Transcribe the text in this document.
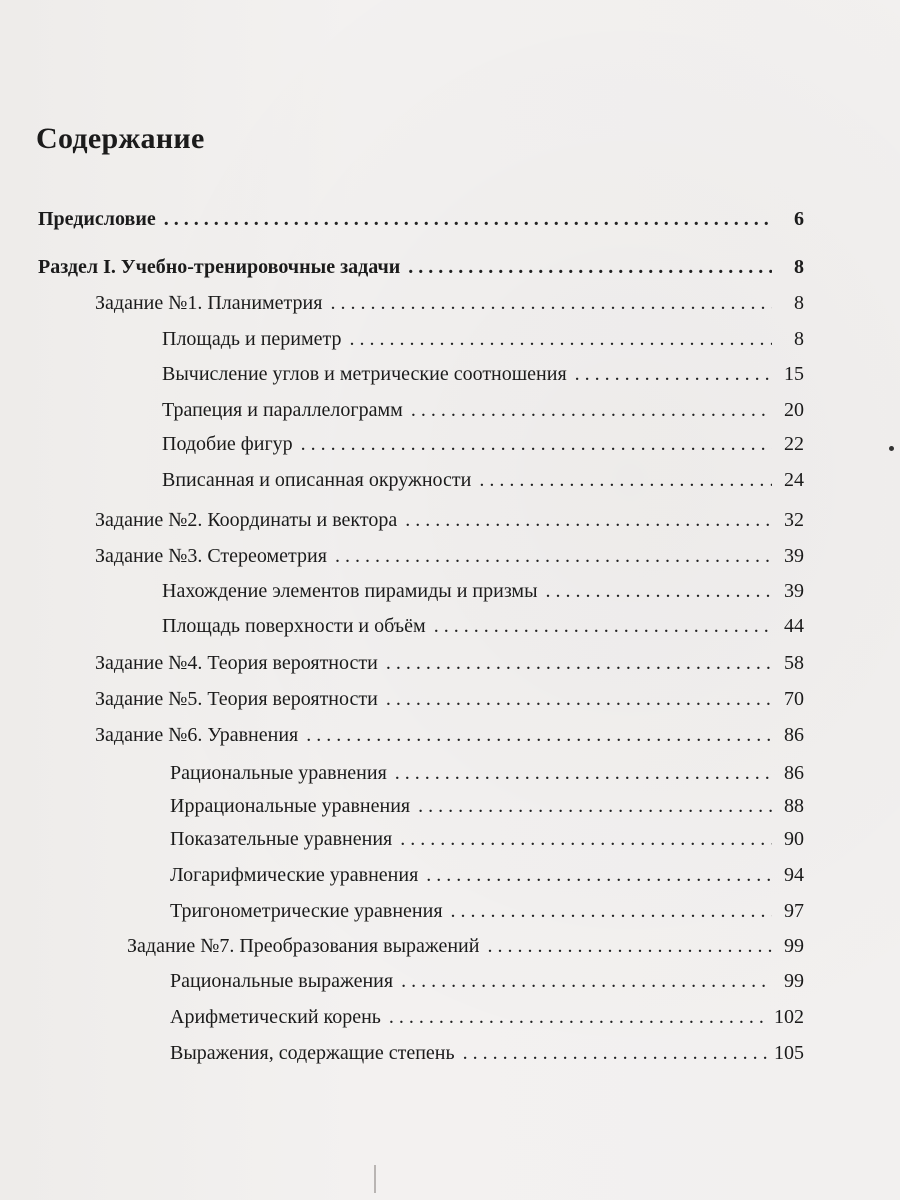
Содержание
Предисловие . . .	6
Раздел I. Учебно-тренировочные задачи . . .	8
Задание №1. Планиметрия . . .	8
Площадь и периметр . . .	8
Вычисление углов и метрические соотношения . . .	15
Трапеция и параллелограмм . . .	20
Подобие фигур . . .	22
Вписанная и описанная окружности . . .	24
Задание №2. Координаты и вектора . . .	32
Задание №3. Стереометрия . . .	39
Нахождение элементов пирамиды и призмы . . .	39
Площадь поверхности и объём . . .	44
Задание №4. Теория вероятности . . .	58
Задание №5. Теория вероятности . . .	70
Задание №6. Уравнения . . .	86
Рациональные уравнения . . .	86
Иррациональные уравнения . . .	88
Показательные уравнения . . .	90
Логарифмические уравнения . . .	94
Тригонометрические уравнения . . .	97
Задание №7. Преобразования выражений . . .	99
Рациональные выражения . . .	99
Арифметический корень . . .	102
Выражения, содержащие степень . . .	105
